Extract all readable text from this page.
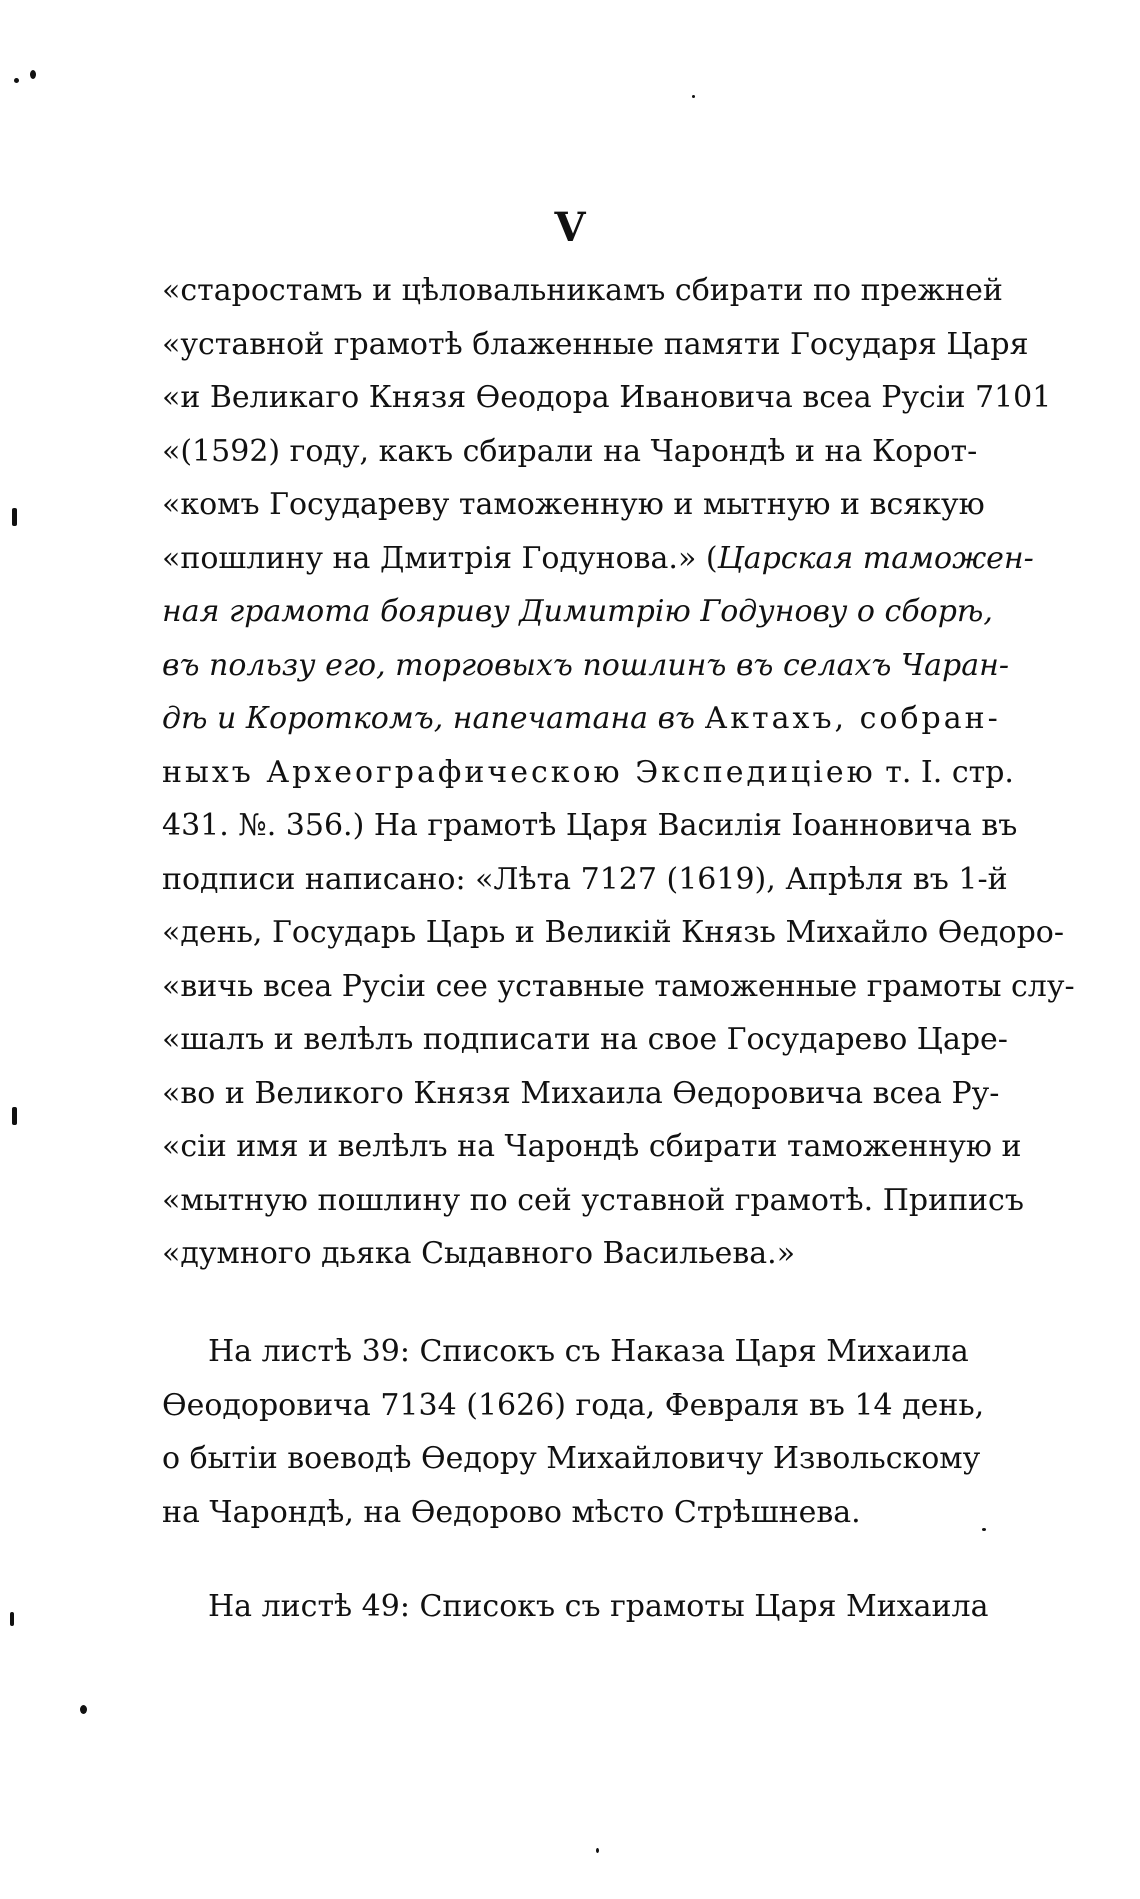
V
«старостамъ и цѣловальникамъ сбирати по прежней
«уставной грамотѣ блаженные памяти Государя Царя
«и Великаго Князя Өеодора Ивановича всеа Русіи 7101
«(1592) году, какъ сбирали на Чарондѣ и на Корот-
«комъ Государеву таможенную и мытную и всякую
«пошлину на Дмитрія Годунова.» (Царская таможен-
ная грамота бояриву Димитрію Годунову о сборѣ,
въ пользу его, торговыхъ пошлинъ въ селахъ Чаран-
дѣ и Короткомъ, напечатана въ Актахъ, собран-
ныхъ Археографическою Экспедиціею т. I. стр.
431. №. 356.) На грамотѣ Царя Василія Іоанновича въ
подписи написано: «Лѣта 7127 (1619), Апрѣля въ 1-й
«день, Государь Царь и Великій Князь Михайло Өедоро-
«вичь всеа Русіи сее уставные таможенные грамоты слу-
«шалъ и велѣлъ подписати на свое Государево Царе-
«во и Великого Князя Михаила Өедоровича всеа Ру-
«сіи имя и велѣлъ на Чарондѣ сбирати таможенную и
«мытную пошлину по сей уставной грамотѣ. Приписъ
«думного дьяка Сыдавного Васильева.»
На листѣ 39: Списокъ съ Наказа Царя Михаила
Өеодоровича 7134 (1626) года, Февраля въ 14 день,
о бытіи воеводѣ Өедору Михайловичу Извольскому
на Чарондѣ, на Өедорово мѣсто Стрѣшнева.
На листѣ 49: Списокъ съ грамоты Царя Михаила
